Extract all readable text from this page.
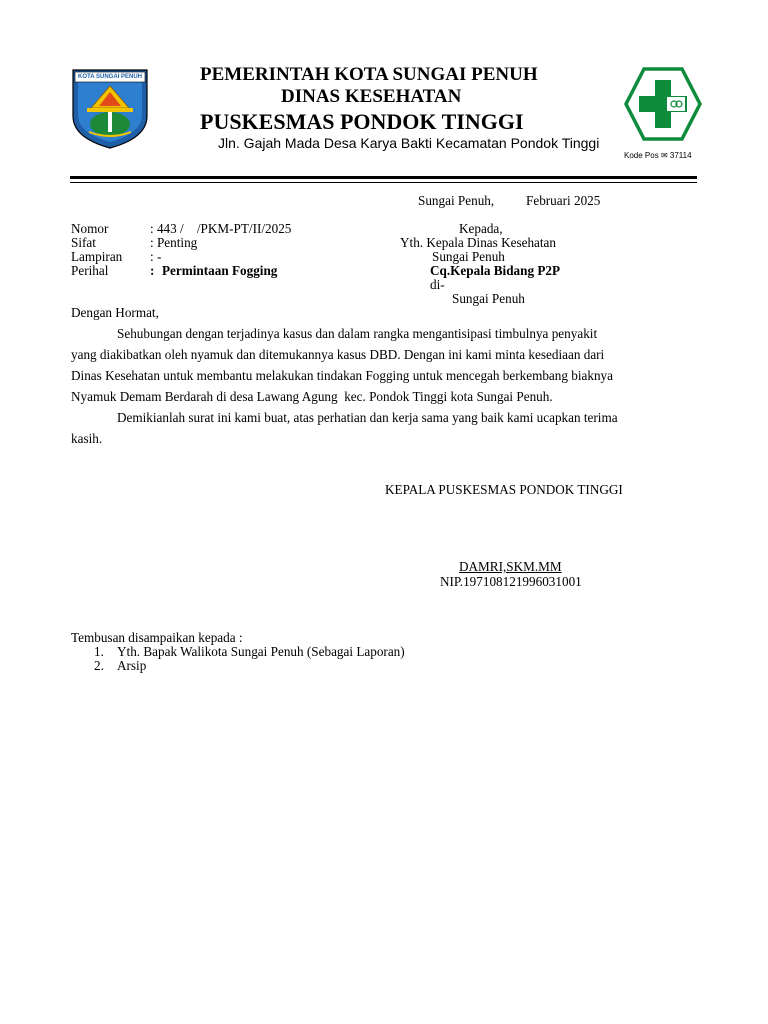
KOTA SUNGAI PENUH	PEMERINTAH KOTA SUNGAI PENUH
DINAS KESEHATAN
PUSKESMAS PONDOK TINGGI
Jln. Gajah Mada Desa Karya Bakti Kecamatan Pondok Tinggi
Kode Pos ✉ 37114
Sungai Penuh, Februari 2025
Nomor	: 443 /    /PKM-PT/II/2025
Sifat	: Penting
Lampiran : -
Perihal	: Permintaan Fogging
Kepada,
Yth. Kepala Dinas Kesehatan
Sungai Penuh
Cq.Kepala Bidang P2P
di-
Sungai Penuh
Dengan Hormat,
Sehubungan dengan terjadinya kasus dan dalam rangka mengantisipasi timbulnya penyakit
yang diakibatkan oleh nyamuk dan ditemukannya kasus DBD. Dengan ini kami minta kesediaan dari
Dinas Kesehatan untuk membantu melakukan tindakan Fogging untuk mencegah berkembang biaknya
Nyamuk Demam Berdarah di desa Lawang Agung  kec. Pondok Tinggi kota Sungai Penuh.
Demikianlah surat ini kami buat, atas perhatian dan kerja sama yang baik kami ucapkan terima
kasih.
KEPALA PUSKESMAS PONDOK TINGGI
DAMRI,SKM.MM
NIP.197108121996031001
Tembusan disampaikan kepada :
1. Yth. Bapak Walikota Sungai Penuh (Sebagai Laporan)
2. Arsip
